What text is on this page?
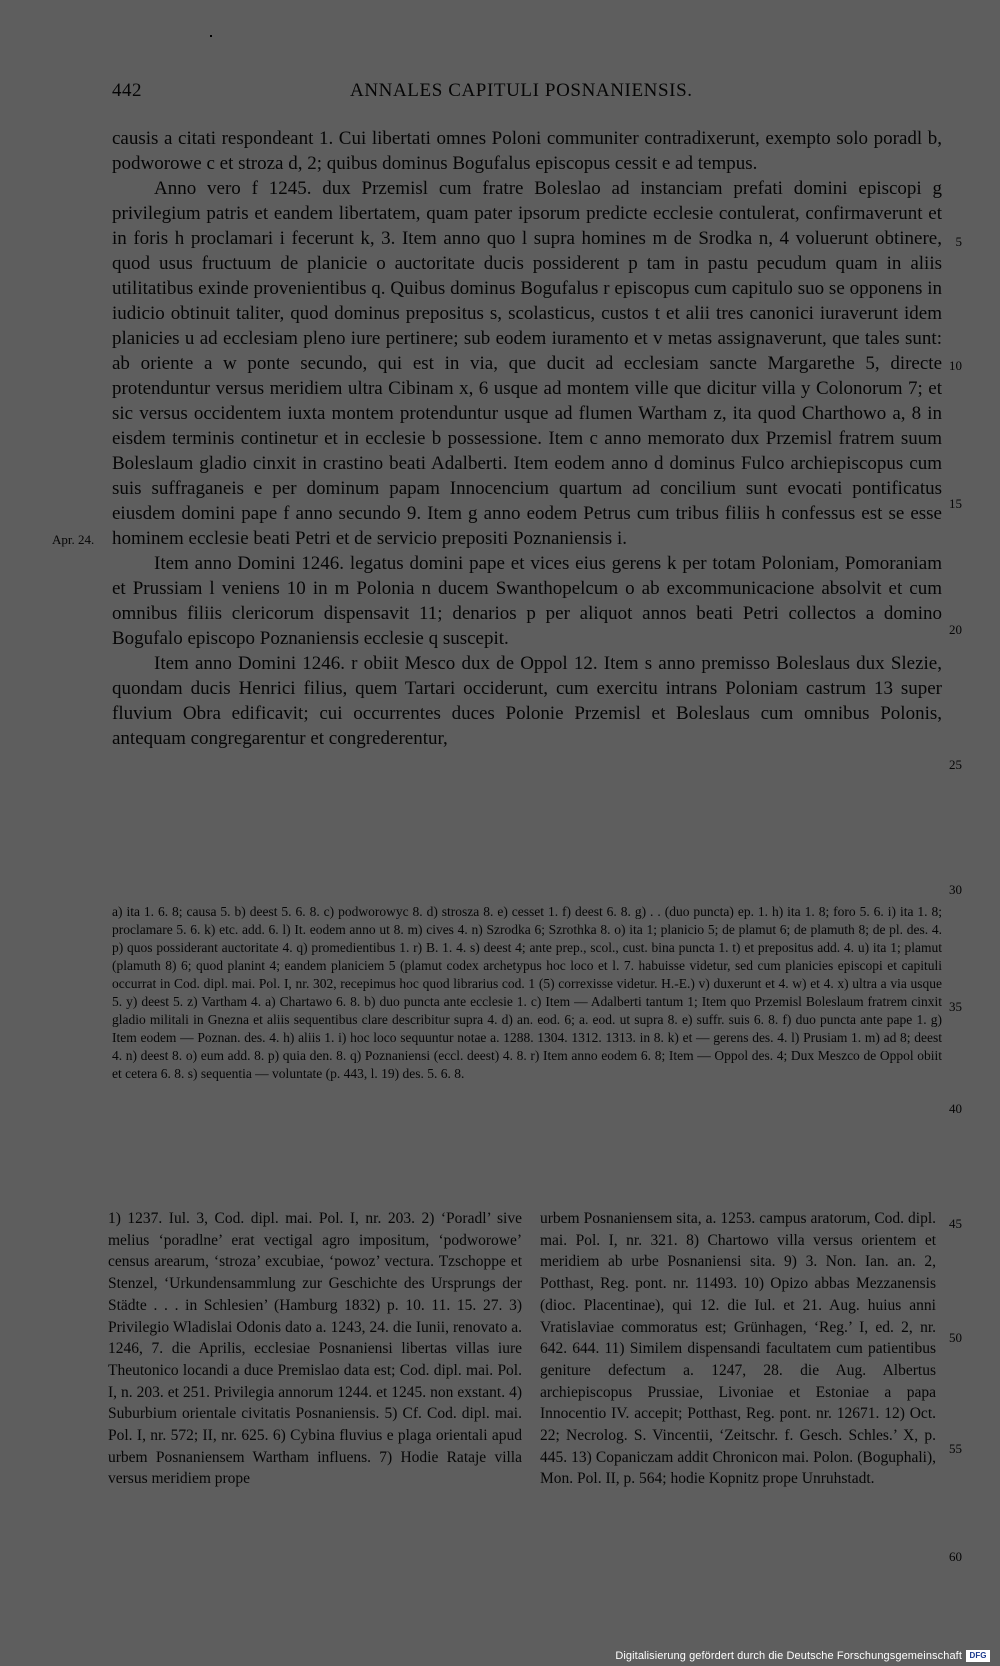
442	ANNALES CAPITULI POSNANIENSIS.

causis a citati respondeant 1. Cui libertati omnes Poloni communiter contradixerunt, exempto solo poradl b, podworowe c et stroza d, 2; quibus dominus Bogufalus episcopus cessit e ad tempus.

Anno vero f 1245. dux Przemisl cum fratre Boleslao ad instanciam prefati domini episcopi g privilegium patris et eandem libertatem, quam pater ipsorum predicte ecclesie contulerat, confirmaverunt et in foris h proclamari i fecerunt k, 3. Item anno quo l supra homines m de Srodka n, 4 voluerunt obtinere, quod usus fructuum de planicie o auctoritate ducis possiderent p tam in pastu pecudum quam in aliis utilitatibus exinde provenientibus q. Quibus dominus Bogufalus r episcopus cum capitulo suo se opponens in iudicio obtinuit taliter, quod dominus prepositus s, scolasticus, custos t et alii tres canonici iuraverunt idem planicies u ad ecclesiam pleno iure pertinere; sub eodem iuramento et v metas assignaverunt, que tales sunt: ab oriente a w ponte secundo, qui est in via, que ducit ad ecclesiam sancte Margarethe 5, directe protenduntur versus meridiem ultra Cibinam x, 6 usque ad montem ville que dicitur villa y Colonorum 7; et sic versus occidentem iuxta montem protenduntur usque ad flumen Wartham z, ita quod Charthowo a, 8 in eisdem terminis continetur et in ecclesie b possessione. Item c anno memorato dux Przemisl fratrem suum Boleslaum gladio cinxit in crastino beati Adalberti. Item eodem anno d dominus Fulco archiepiscopus cum suis suffraganeis e per dominum papam Innocencium quartum ad concilium sunt evocati pontificatus eiusdem domini pape f anno secundo 9. Item g anno eodem Petrus cum tribus filiis h confessus est se esse hominem ecclesie beati Petri et de servicio prepositi Poznaniensis i.

Item anno Domini 1246. legatus domini pape et vices eius gerens k per totam Poloniam, Pomoraniam et Prussiam l veniens 10 in m Polonia n ducem Swanthopelcum o ab excommunicacione absolvit et cum omnibus filiis clericorum dispensavit 11; denarios p per aliquot annos beati Petri collectos a domino Bogufalo episcopo Poznaniensis ecclesie q suscepit.

Item anno Domini 1246. r obiit Mesco dux de Oppol 12. Item s anno premisso Boleslaus dux Slezie, quondam ducis Henrici filius, quem Tartari occiderunt, cum exercitu intrans Poloniam castrum 13 super fluvium Obra edificavit; cui occurrentes duces Polonie Przemisl et Boleslaus cum omnibus Polonis, antequam congregarentur et congrederentur,

Apr. 24.
5
10
15
20
25
30
35
40
45
50
55
60

a) ita 1. 6. 8; causa 5. b) deest 5. 6. 8. c) podworowyc 8. d) strosza 8. e) cesset 1. f) deest 6. 8. g) . . (duo puncta) ep. 1. h) ita 1. 8; foro 5. 6. i) ita 1. 8; proclamare 5. 6. k) etc. add. 6. l) It. eodem anno ut 8. m) cives 4. n) Szrodka 6; Szrothka 8. o) ita 1; planicio 5; de plamut 6; de plamuth 8; de pl. des. 4. p) quos possiderant auctoritate 4. q) promedientibus 1. r) B. 1. 4. s) deest 4; ante prep., scol., cust. bina puncta 1. t) et prepositus add. 4. u) ita 1; plamut (plamuth 8) 6; quod planint 4; eandem planiciem 5 (plamut codex archetypus hoc loco et l. 7. habuisse videtur, sed cum planicies episcopi et capituli occurrat in Cod. dipl. mai. Pol. I, nr. 302, recepimus hoc quod librarius cod. 1 (5) correxisse videtur. H.-E.) v) duxerunt et 4. w) et 4. x) ultra a via usque 5. y) deest 5. z) Vartham 4. a) Chartawo 6. 8. b) duo puncta ante ecclesie 1. c) Item — Adalberti tantum 1; Item quo Przemisl Boleslaum fratrem cinxit gladio militali in Gnezna et aliis sequentibus clare describitur supra 4. d) an. eod. 6; a. eod. ut supra 8. e) suffr. suis 6. 8. f) duo puncta ante pape 1. g) Item eodem — Poznan. des. 4. h) aliis 1. i) hoc loco sequuntur notae a. 1288. 1304. 1312. 1313. in 8. k) et — gerens des. 4. l) Prusiam 1. m) ad 8; deest 4. n) deest 8. o) eum add. 8. p) quia den. 8. q) Poznaniensi (eccl. deest) 4. 8. r) Item anno eodem 6. 8; Item — Oppol des. 4; Dux Meszco de Oppol obiit et cetera 6. 8. s) sequentia — voluntate (p. 443, l. 19) des. 5. 6. 8.

1) 1237. Iul. 3, Cod. dipl. mai. Pol. I, nr. 203. 2) ‘Poradl’ sive melius ‘poradlne’ erat vectigal agro impositum, ‘podworowe’ census arearum, ‘stroza’ excubiae, ‘powoz’ vectura. Tzschoppe et Stenzel, ‘Urkundensammlung zur Geschichte des Ursprungs der Städte . . . in Schlesien’ (Hamburg 1832) p. 10. 11. 15. 27. 3) Privilegio Wladislai Odonis dato a. 1243, 24. die Iunii, renovato a. 1246, 7. die Aprilis, ecclesiae Posnaniensi libertas villas iure Theutonico locandi a duce Premislao data est; Cod. dipl. mai. Pol. I, n. 203. et 251. Privilegia annorum 1244. et 1245. non exstant. 4) Suburbium orientale civitatis Posnaniensis. 5) Cf. Cod. dipl. mai. Pol. I, nr. 572; II, nr. 625. 6) Cybina fluvius e plaga orientali apud urbem Posnaniensem Wartham influens. 7) Hodie Rataje villa versus meridiem prope

urbem Posnaniensem sita, a. 1253. campus aratorum, Cod. dipl. mai. Pol. I, nr. 321. 8) Chartowo villa versus orientem et meridiem ab urbe Posnaniensi sita. 9) 3. Non. Ian. an. 2, Potthast, Reg. pont. nr. 11493. 10) Opizo abbas Mezzanensis (dioc. Placentinae), qui 12. die Iul. et 21. Aug. huius anni Vratislaviae commoratus est; Grünhagen, ‘Reg.’ I, ed. 2, nr. 642. 644. 11) Similem dispensandi facultatem cum patientibus geniture defectum a. 1247, 28. die Aug. Albertus archiepiscopus Prussiae, Livoniae et Estoniae a papa Innocentio IV. accepit; Potthast, Reg. pont. nr. 12671. 12) Oct. 22; Necrolog. S. Vincentii, ‘Zeitschr. f. Gesch. Schles.’ X, p. 445. 13) Copaniczam addit Chronicon mai. Polon. (Boguphali), Mon. Pol. II, p. 564; hodie Kopnitz prope Unruhstadt.

Digitalisierung gefördert durch die Deutsche Forschungsgemeinschaft DFG
